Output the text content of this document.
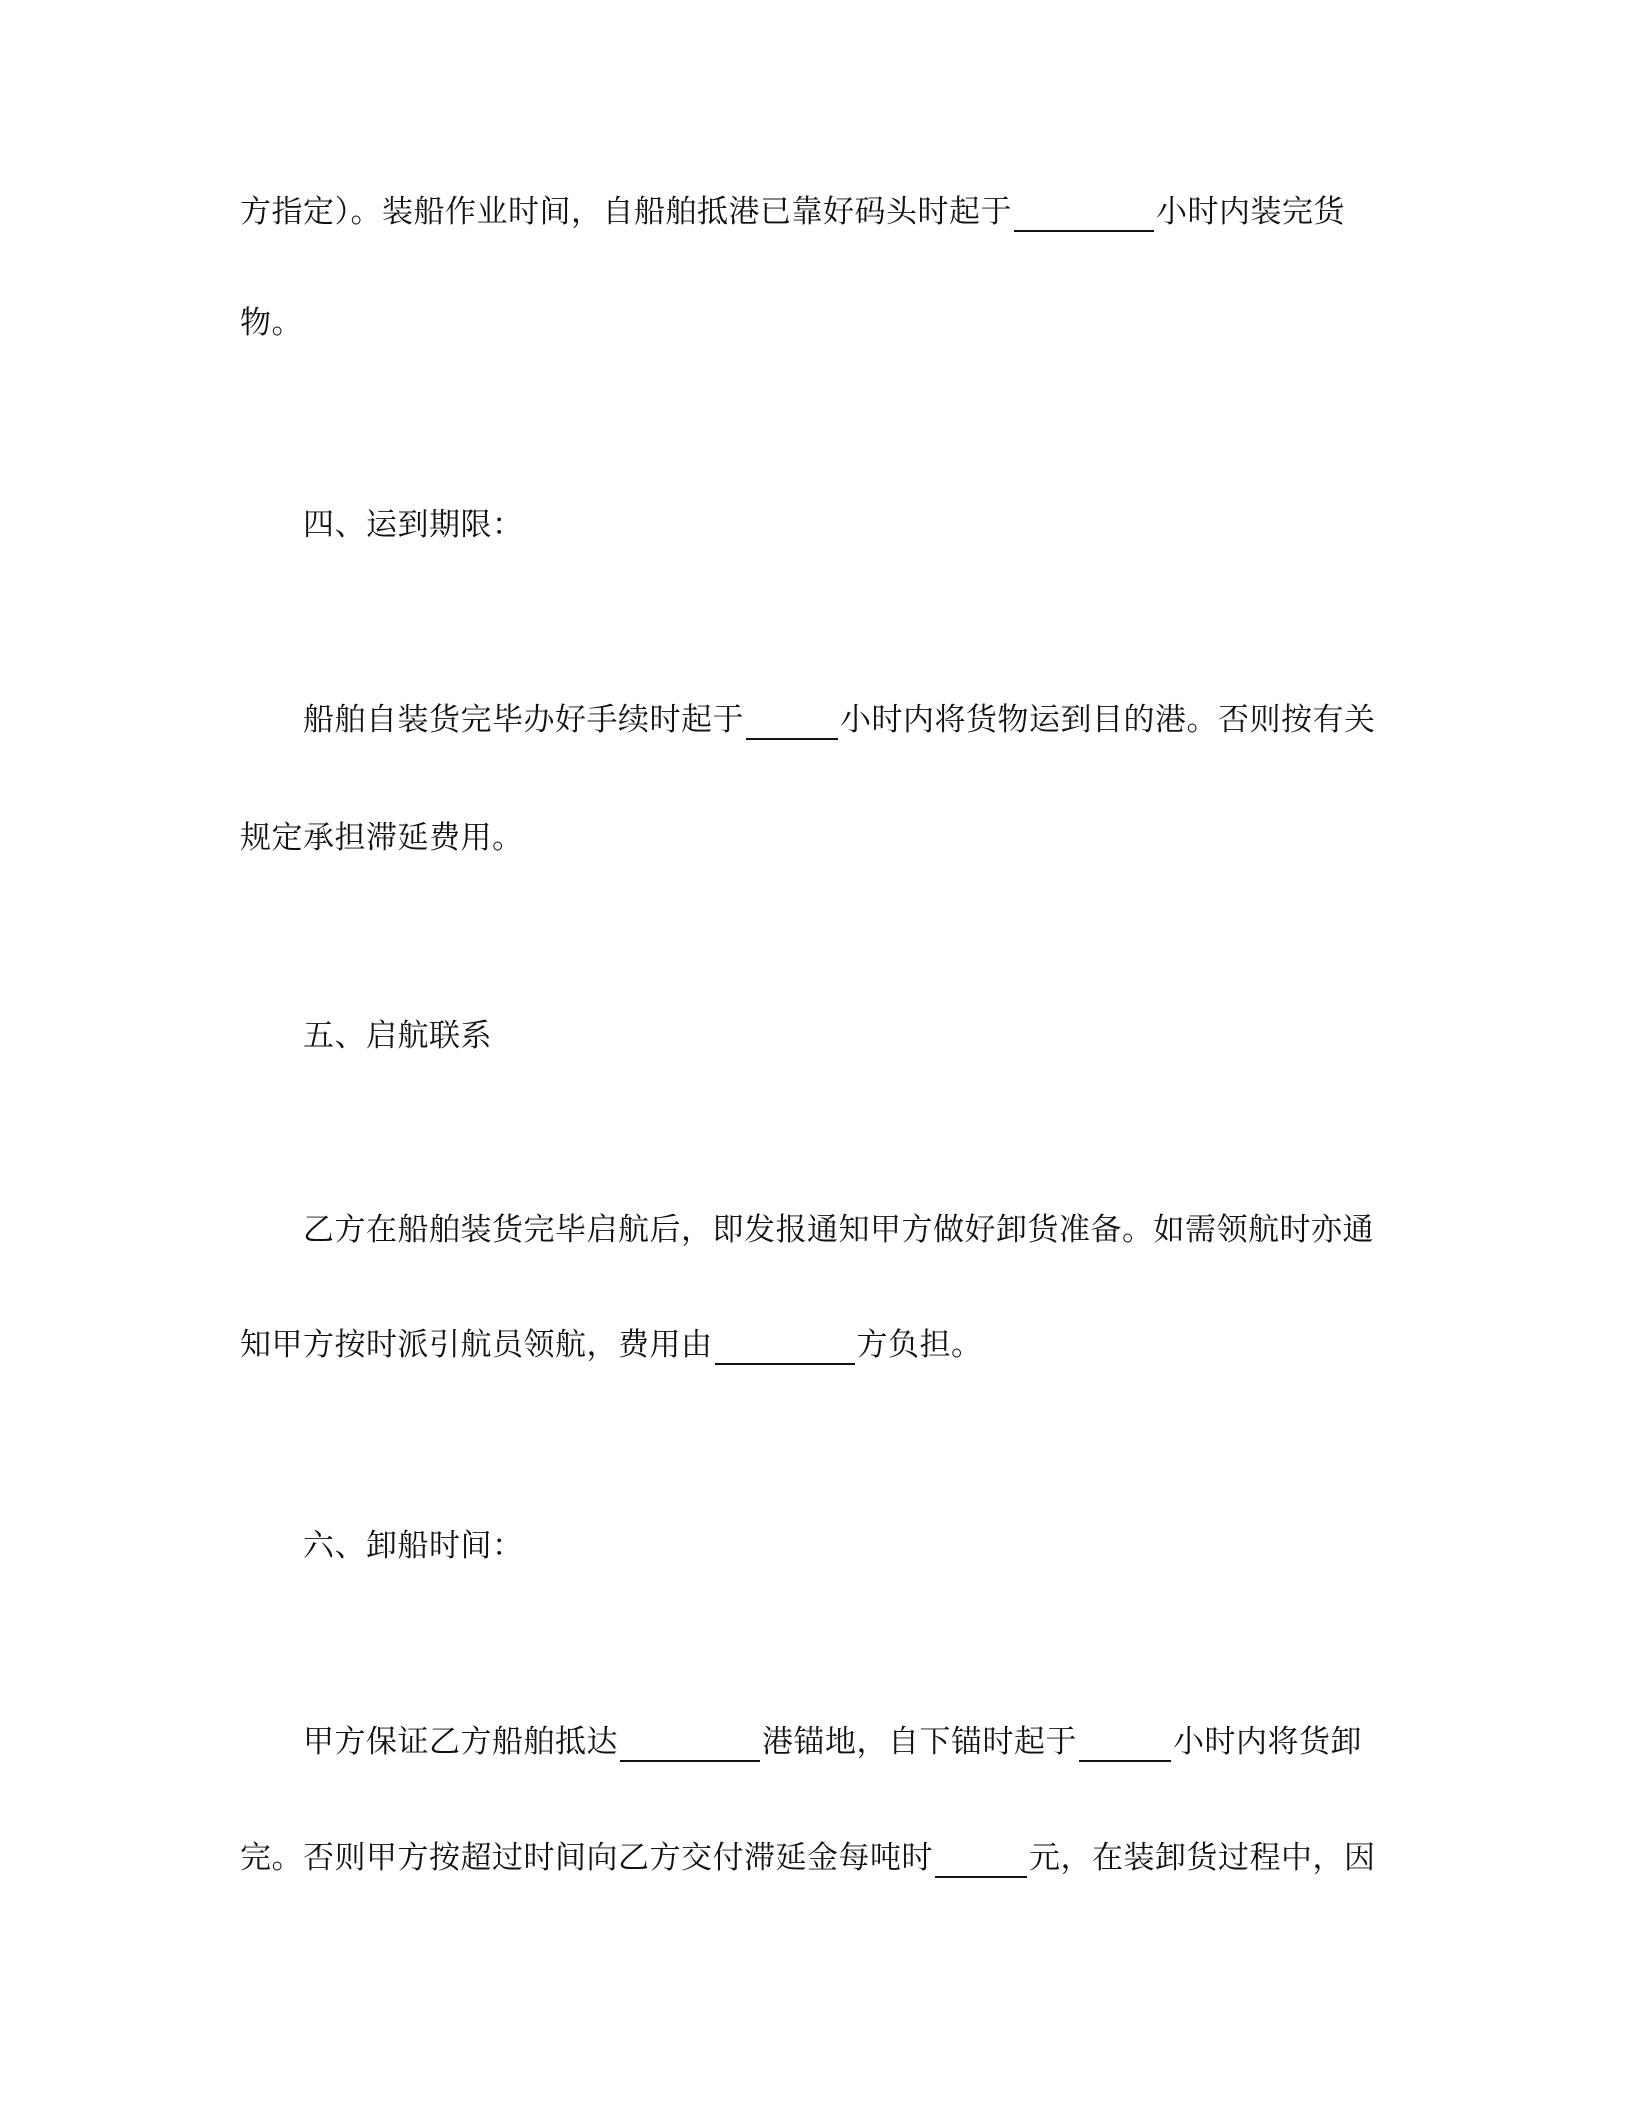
方指定）。装船作业时间，自船舶抵港已靠好码头时起于	小时内装完货
物。
四、运到期限：
船舶自装货完毕办好手续时起于	小时内将货物运到目的港。否则按有关
规定承担滞延费用。
五、启航联系
乙方在船舶装货完毕启航后，即发报通知甲方做好卸货准备。如需领航时亦通
知甲方按时派引航员领航，费用由	方负担。
六、卸船时间：
甲方保证乙方船舶抵达	港锚地，自下锚时起于	小时内将货卸
完。否则甲方按超过时间向乙方交付滞延金每吨时	元，在装卸货过程中，因
